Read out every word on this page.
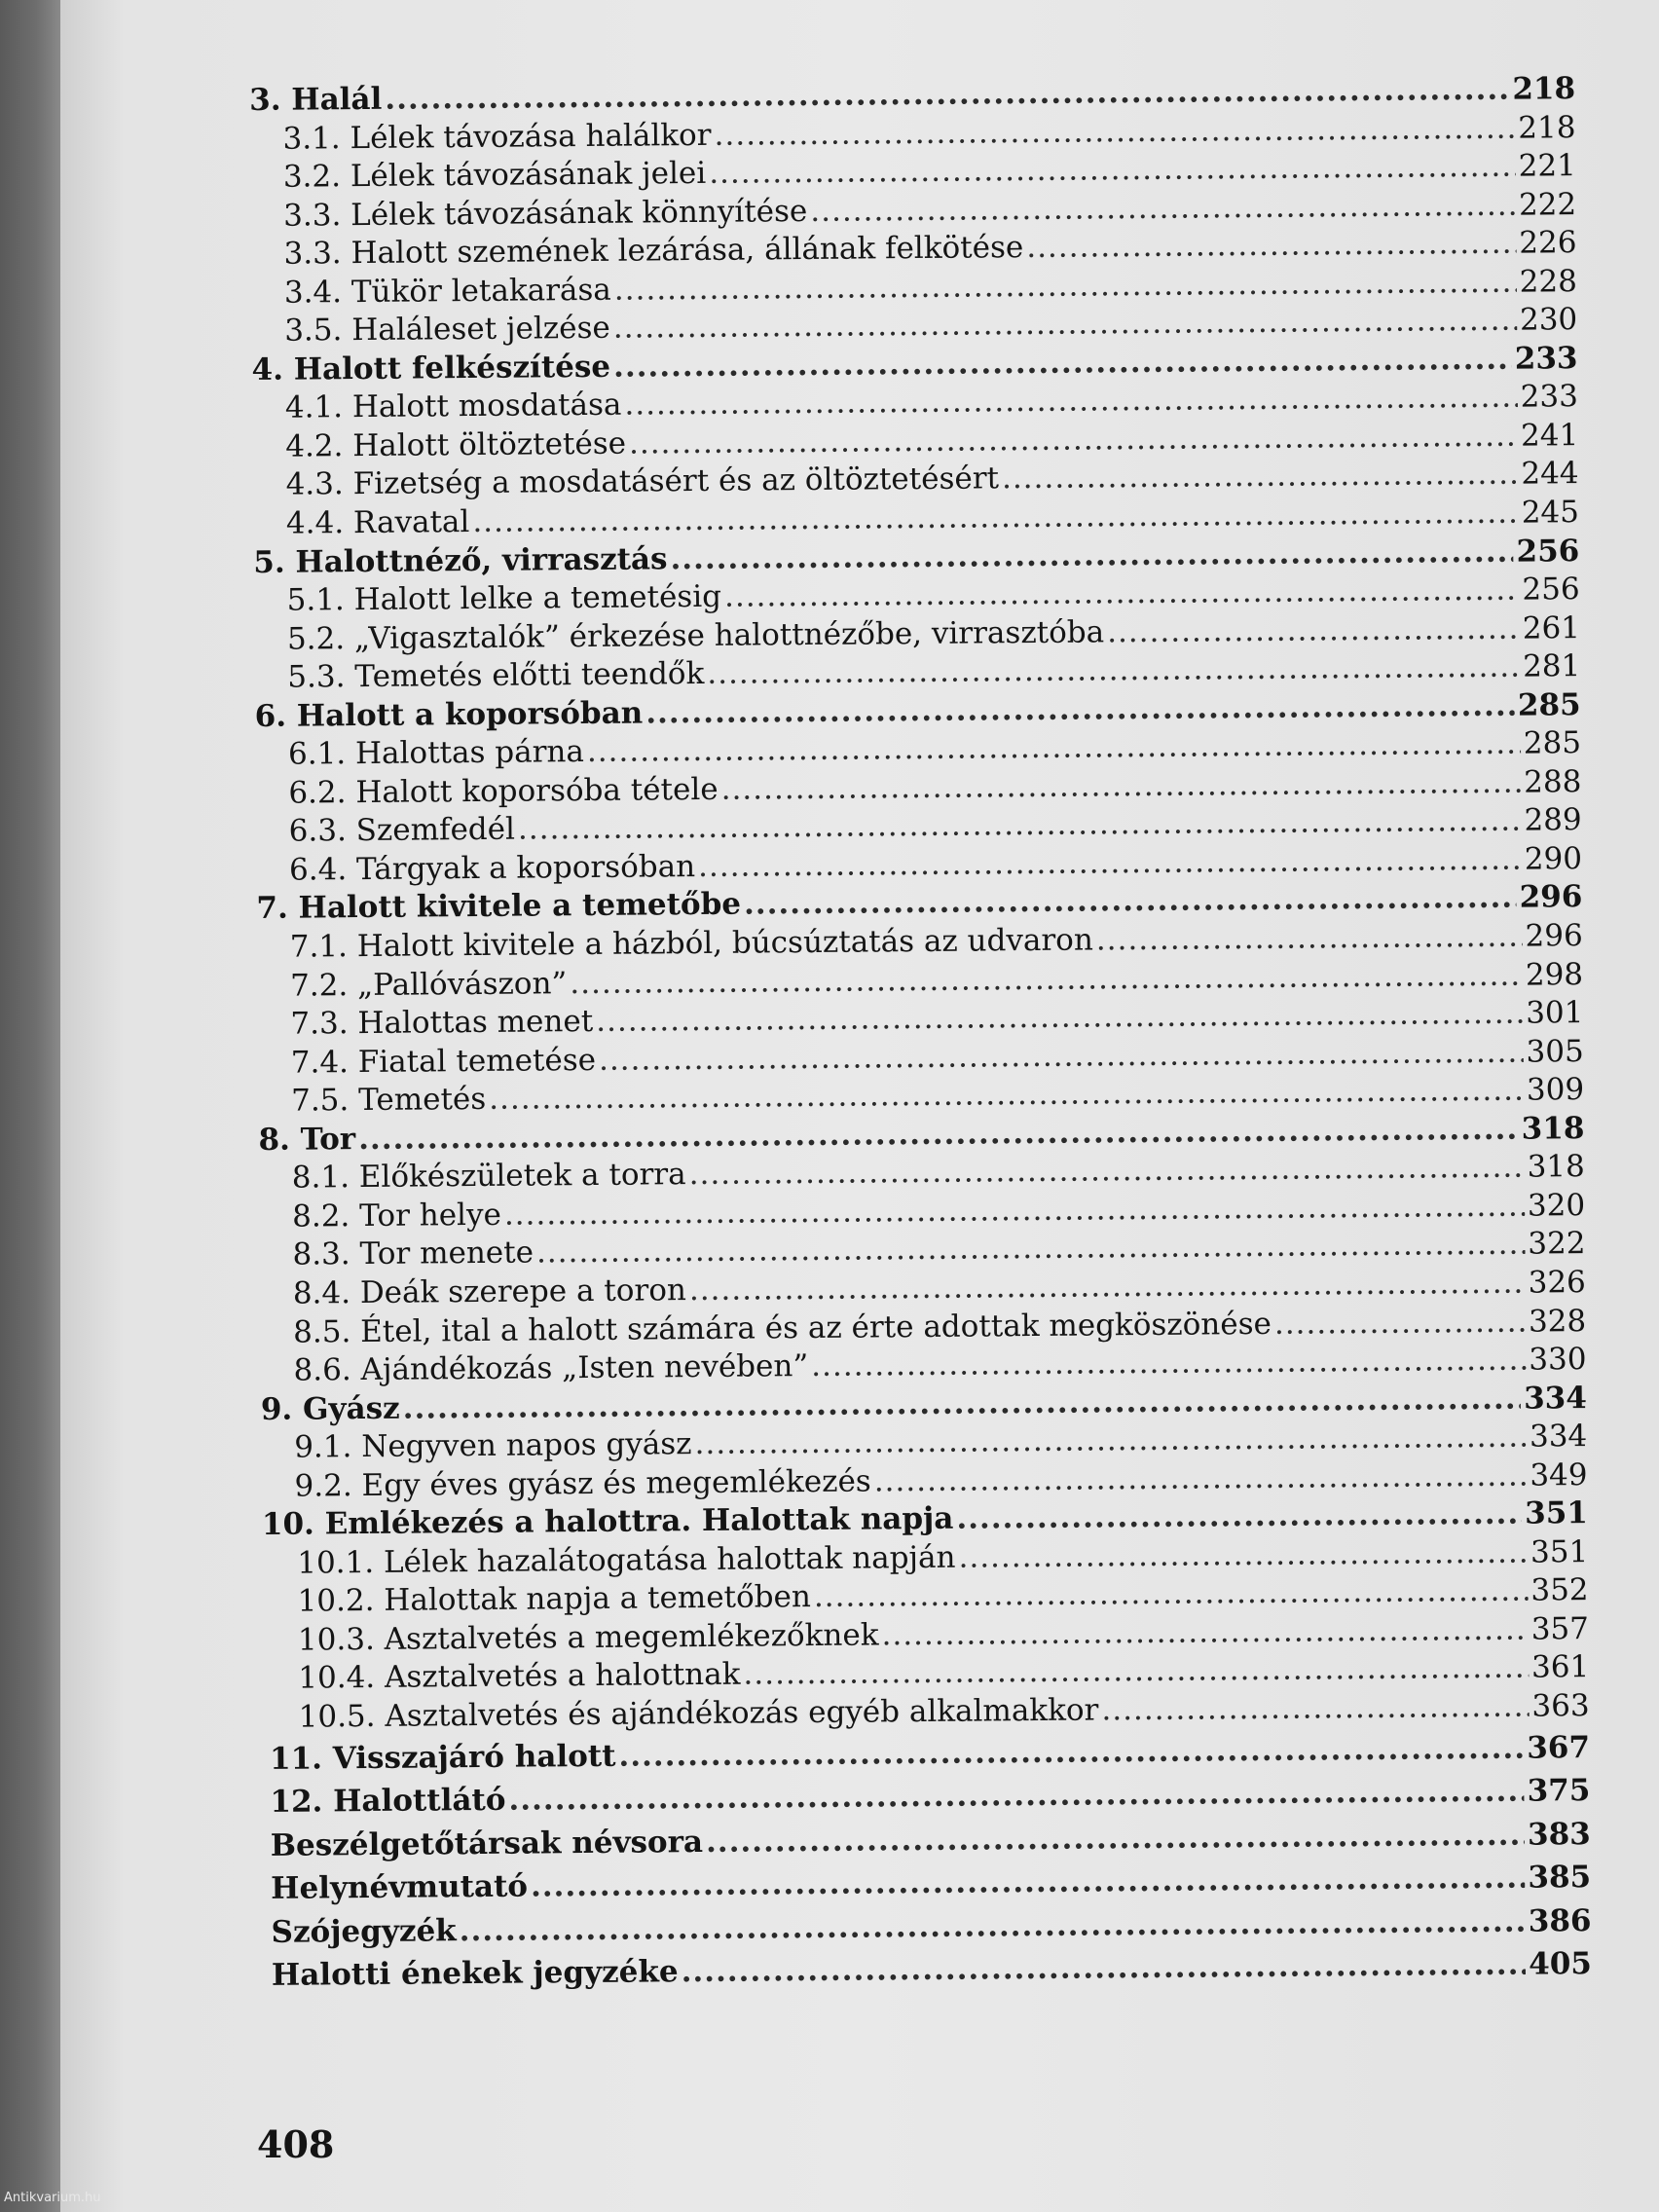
3. Halál .....	218
3.1. Lélek távozása halálkor .....	218
3.2. Lélek távozásának jelei .....	221
3.3. Lélek távozásának könnyítése .....	222
3.3. Halott szemének lezárása, állának felkötése .....	226
3.4. Tükör letakarása .....	228
3.5. Haláleset jelzése .....	230
4. Halott felkészítése .....	233
4.1. Halott mosdatása .....	233
4.2. Halott öltöztetése .....	241
4.3. Fizetség a mosdatásért és az öltöztetésért .....	244
4.4. Ravatal .....	245
5. Halottnéző, virrasztás .....	256
5.1. Halott lelke a temetésig .....	256
5.2. „Vigasztalók” érkezése halottnézőbe, virrasztóba .....	261
5.3. Temetés előtti teendők .....	281
6. Halott a koporsóban .....	285
6.1. Halottas párna .....	285
6.2. Halott koporsóba tétele .....	288
6.3. Szemfedél .....	289
6.4. Tárgyak a koporsóban .....	290
7. Halott kivitele a temetőbe .....	296
7.1. Halott kivitele a házból, búcsúztatás az udvaron .....	296
7.2. „Pallóvászon” .....	298
7.3. Halottas menet .....	301
7.4. Fiatal temetése .....	305
7.5. Temetés .....	309
8. Tor .....	318
8.1. Előkészületek a torra .....	318
8.2. Tor helye .....	320
8.3. Tor menete .....	322
8.4. Deák szerepe a toron .....	326
8.5. Étel, ital a halott számára és az érte adottak megköszönése .....	328
8.6. Ajándékozás „Isten nevében” .....	330
9. Gyász .....	334
9.1. Negyven napos gyász .....	334
9.2. Egy éves gyász és megemlékezés .....	349
10. Emlékezés a halottra. Halottak napja .....	351
10.1. Lélek hazalátogatása halottak napján .....	351
10.2. Halottak napja a temetőben .....	352
10.3. Asztalvetés a megemlékezőknek .....	357
10.4. Asztalvetés a halottnak .....	361
10.5. Asztalvetés és ajándékozás egyéb alkalmakkor .....	363
11. Visszajáró halott .....	367
12. Halottlátó .....	375
Beszélgetőtársak névsora .....	383
Helynévmutató .....	385
Szójegyzék .....	386
Halotti énekek jegyzéke .....	405
408
Antikvarium.hu
